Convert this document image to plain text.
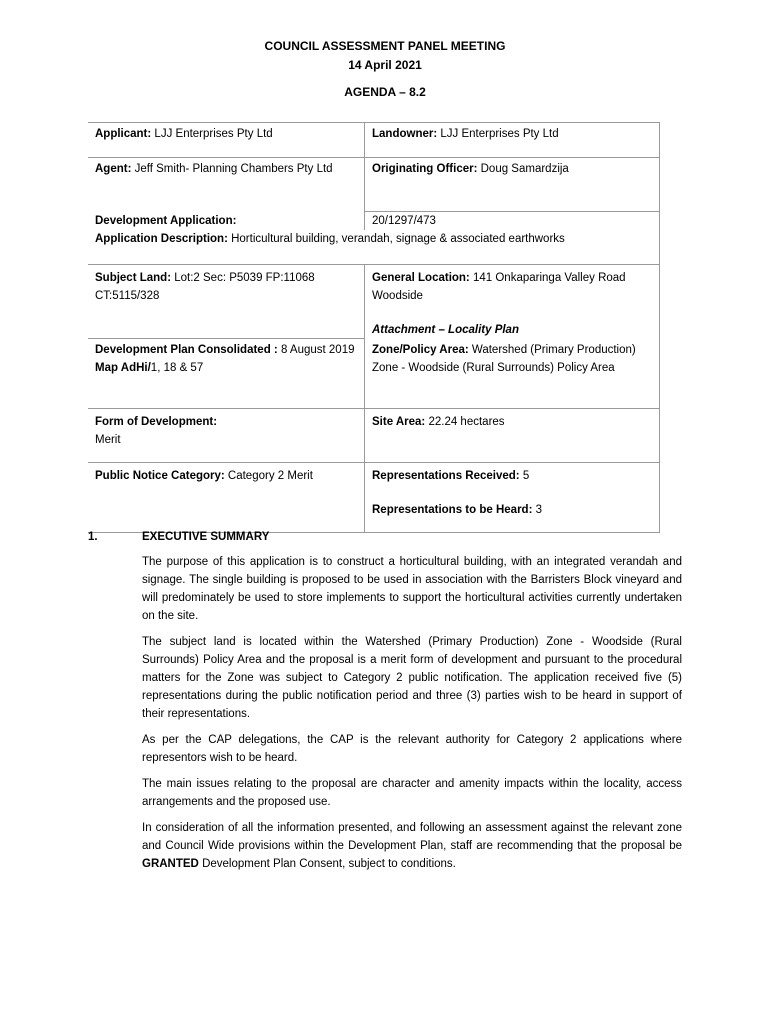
COUNCIL ASSESSMENT PANEL MEETING
14 April 2021
AGENDA – 8.2
Applicant: LJJ Enterprises Pty Ltd	Landowner: LJJ Enterprises Pty Ltd
Agent: Jeff Smith- Planning Chambers Pty Ltd	Originating Officer: Doug Samardzija
Development Application:	20/1297/473
Application Description: Horticultural building, verandah, signage & associated earthworks	
Subject Land: Lot:2 Sec: P5039 FP:11068 CT:5115/328	General Location: 141 Onkaparinga Valley Road Woodside
Attachment – Locality Plan

Development Plan Consolidated : 8 August 2019
Map AdHi/1, 18 & 57	Zone/Policy Area: Watershed (Primary Production) Zone - Woodside (Rural Surrounds) Policy Area
Form of Development:
Merit	Site Area: 22.24 hectares
Public Notice Category: Category 2 Merit	Representations Received: 5
Representations to be Heard: 3
1.	EXECUTIVE SUMMARY

The purpose of this application is to construct a horticultural building, with an integrated verandah and signage. The single building is proposed to be used in association with the Barristers Block vineyard and will predominately be used to store implements to support the horticultural activities currently undertaken on the site.

The subject land is located within the Watershed (Primary Production) Zone - Woodside (Rural Surrounds) Policy Area and the proposal is a merit form of development and pursuant to the procedural matters for the Zone was subject to Category 2 public notification. The application received five (5) representations during the public notification period and three (3) parties wish to be heard in support of their representations.

As per the CAP delegations, the CAP is the relevant authority for Category 2 applications where representors wish to be heard.

The main issues relating to the proposal are character and amenity impacts within the locality, access arrangements and the proposed use.

In consideration of all the information presented, and following an assessment against the relevant zone and Council Wide provisions within the Development Plan, staff are recommending that the proposal be GRANTED Development Plan Consent, subject to conditions.
